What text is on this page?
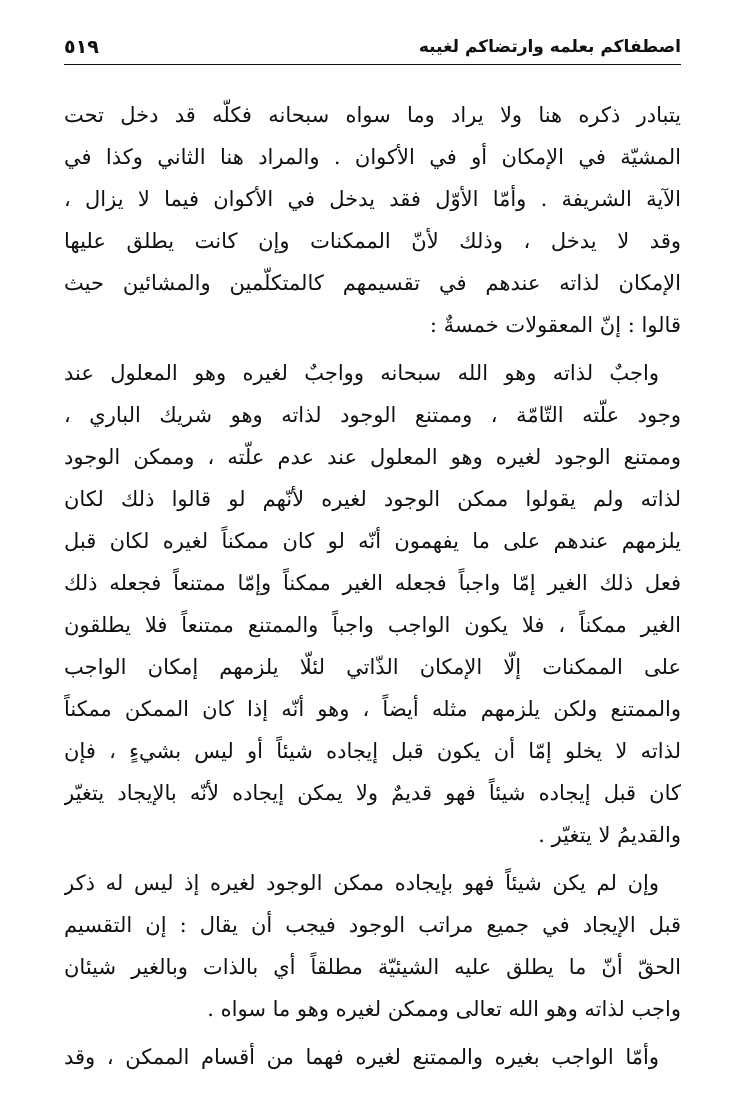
اصطفاكم بعلمه وارتضاكم لغيبه
٥١٩
يتبادر ذكره هنا ولا يراد وما سواه سبحانه فكلّه قد دخل تحت
المشيّة في الإمكان أو في الأكوان . والمراد هنا الثاني وكذا في
الآية الشريفة . وأمّا الأوّل فقد يدخل في الأكوان فيما لا يزال ،
وقد لا يدخل ، وذلك لأنّ الممكنات وإن كانت يطلق عليها
الإمكان لذاته عندهم في تقسيمهم كالمتكلّمين والمشائين حيث
قالوا : إنّ المعقولات خمسةٌ :
واجبٌ لذاته وهو الله سبحانه وواجبٌ لغيره وهو المعلول عند
وجود علّته التّامّة ، وممتنع الوجود لذاته وهو شريك الباري ،
وممتنع الوجود لغيره وهو المعلول عند عدم علّته ، وممكن الوجود
لذاته ولم يقولوا ممكن الوجود لغيره لأنّهم لو قالوا ذلك لكان
يلزمهم عندهم على ما يفهمون أنّه لو كان ممكناً لغيره لكان قبل
فعل ذلك الغير إمّا واجباً فجعله الغير ممكناً وإمّا ممتنعاً فجعله ذلك
الغير ممكناً ، فلا يكون الواجب واجباً والممتنع ممتنعاً فلا يطلقون
على الممكنات إلّا الإمكان الذّاتي لئلّا يلزمهم إمكان الواجب
والممتنع ولكن يلزمهم مثله أيضاً ، وهو أنّه إذا كان الممكن ممكناً
لذاته لا يخلو إمّا أن يكون قبل إيجاده شيئاً أو ليس بشيءٍ ، فإن
كان قبل إيجاده شيئاً فهو قديمٌ ولا يمكن إيجاده لأنّه بالإيجاد يتغيّر
والقديمُ لا يتغيّر .
وإن لم يكن شيئاً فهو بإيجاده ممكن الوجود لغيره إذ ليس له ذكر
قبل الإيجاد في جميع مراتب الوجود فيجب أن يقال : إن التقسيم
الحقّ أنّ ما يطلق عليه الشيئيّة مطلقاً أي بالذات وبالغير شيئان
واجب لذاته وهو الله تعالى وممكن لغيره وهو ما سواه .
وأمّا الواجب بغيره والممتنع لغيره فهما من أقسام الممكن ، وقد
